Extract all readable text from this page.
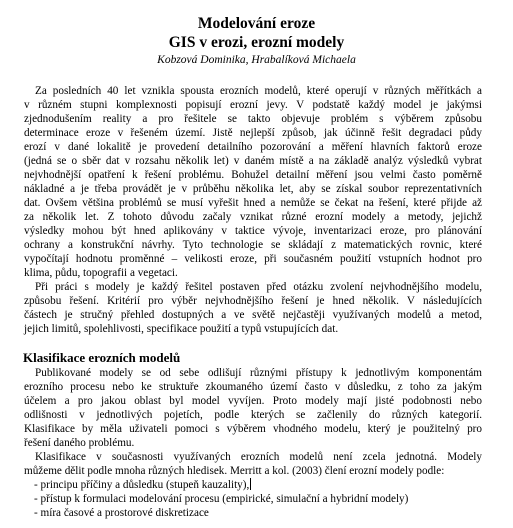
Modelování eroze
GIS v erozi, erozní modely
Kobzová Dominika, Hrabalíková Michaela
Za posledních 40 let vznikla spousta erozních modelů, které operují v různých měřítkách a
v různém stupni komplexnosti popisují erozní jevy. V podstatě každý model je jakýmsi
zjednodušením reality a pro řešitele se takto objevuje problém s výběrem způsobu
determinace eroze v řešeném území. Jistě nejlepší způsob, jak účinně řešit degradaci půdy
erozí v dané lokalitě je provedení detailního pozorování a měření hlavních faktorů eroze
(jedná se o sběr dat v rozsahu několik let) v daném místě a na základě analýz výsledků vybrat
nejvhodnější opatření k řešení problému. Bohužel detailní měření jsou velmi často poměrně
nákladné a je třeba provádět je v průběhu několika let, aby se získal soubor reprezentativních
dat. Ovšem většina problémů se musí vyřešit hned a nemůže se čekat na řešení, které přijde až
za několik let. Z tohoto důvodu začaly vznikat různé erozní modely a metody, jejichž
výsledky mohou být hned aplikovány v taktice vývoje, inventarizaci eroze, pro plánování
ochrany a konstrukční návrhy. Tyto technologie se skládají z matematických rovnic, které
vypočítají hodnotu proměnné – velikosti eroze, při současném použití vstupních hodnot pro
klima, půdu, topografii a vegetaci.
Při práci s modely je každý řešitel postaven před otázku zvolení nejvhodnějšího modelu,
způsobu řešení. Kritérií pro výběr nejvhodnějšího řešení je hned několik. V následujících
částech je stručný přehled dostupných a ve světě nejčastěji využívaných modelů a metod,
jejich limitů, spolehlivosti, specifikace použití a typů vstupujících dat.
Klasifikace erozních modelů
Publikované modely se od sebe odlišují různými přístupy k jednotlivým komponentám
erozního procesu nebo ke struktuře zkoumaného území často v důsledku, z toho za jakým
účelem a pro jakou oblast byl model vyvíjen. Proto modely mají jisté podobnosti nebo
odlišnosti v jednotlivých pojetích, podle kterých se začlenily do různých kategorií.
Klasifikace by měla uživateli pomoci s výběrem vhodného modelu, který je použitelný pro
řešení daného problému.
Klasifikace v současnosti využívaných erozních modelů není zcela jednotná. Modely
můžeme dělit podle mnoha různých hledisek. Merritt a kol. (2003) člení erozní modely podle:
- principu příčiny a důsledku (stupeň kauzality),
- přístup k formulaci modelování procesu (empirické, simulační a hybridní modely)
- míra časové a prostorové diskretizace
